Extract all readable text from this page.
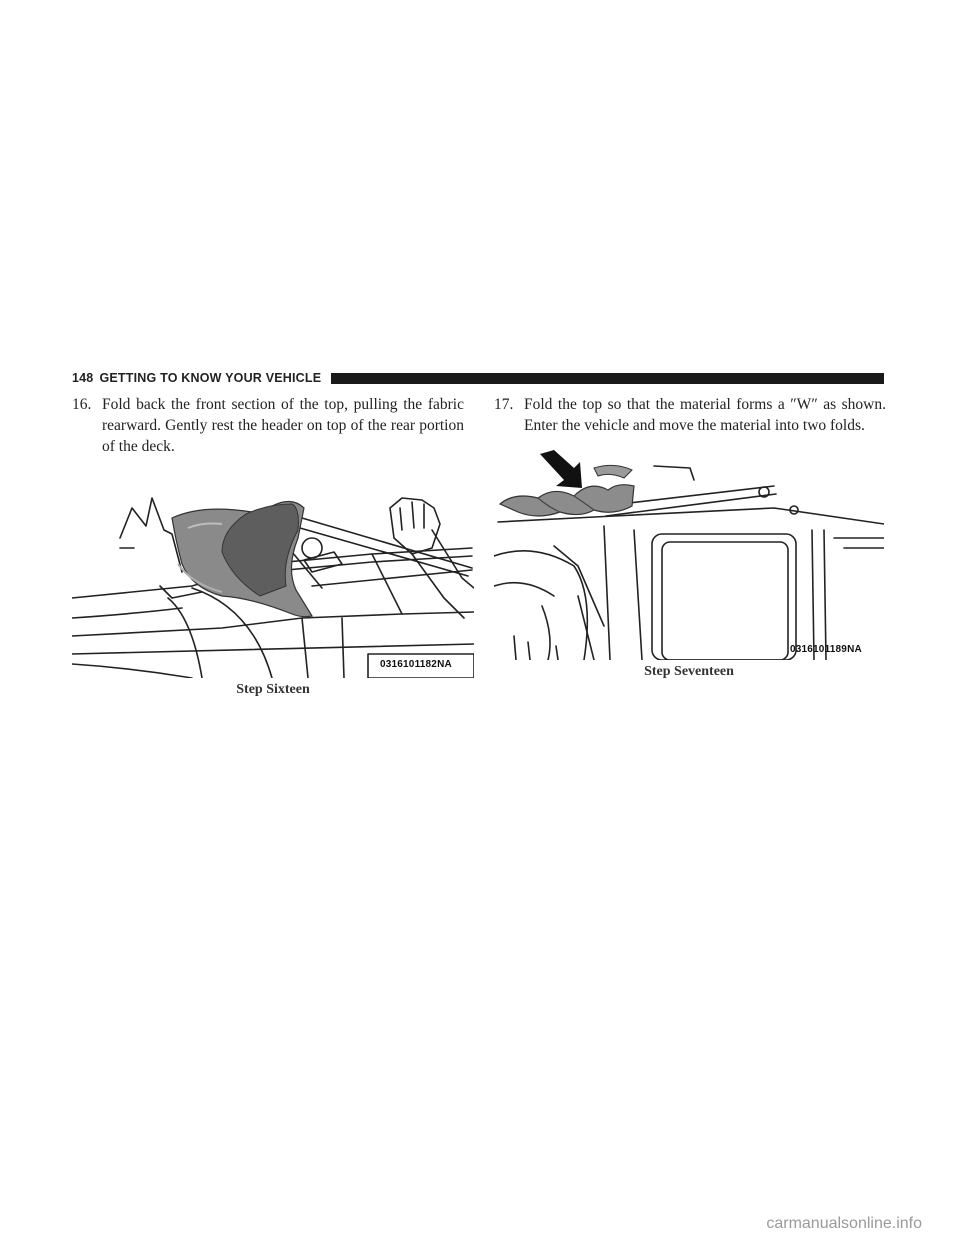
148 GETTING TO KNOW YOUR VEHICLE
16. Fold back the front section of the top, pulling the fabric rearward. Gently rest the header on top of the rear portion of the deck.
17. Fold the top so that the material forms a ″W″ as shown. Enter the vehicle and move the material into two folds.
0316101182NA
Step Sixteen
0316101189NA
Step Seventeen
carmanualsonline.info
